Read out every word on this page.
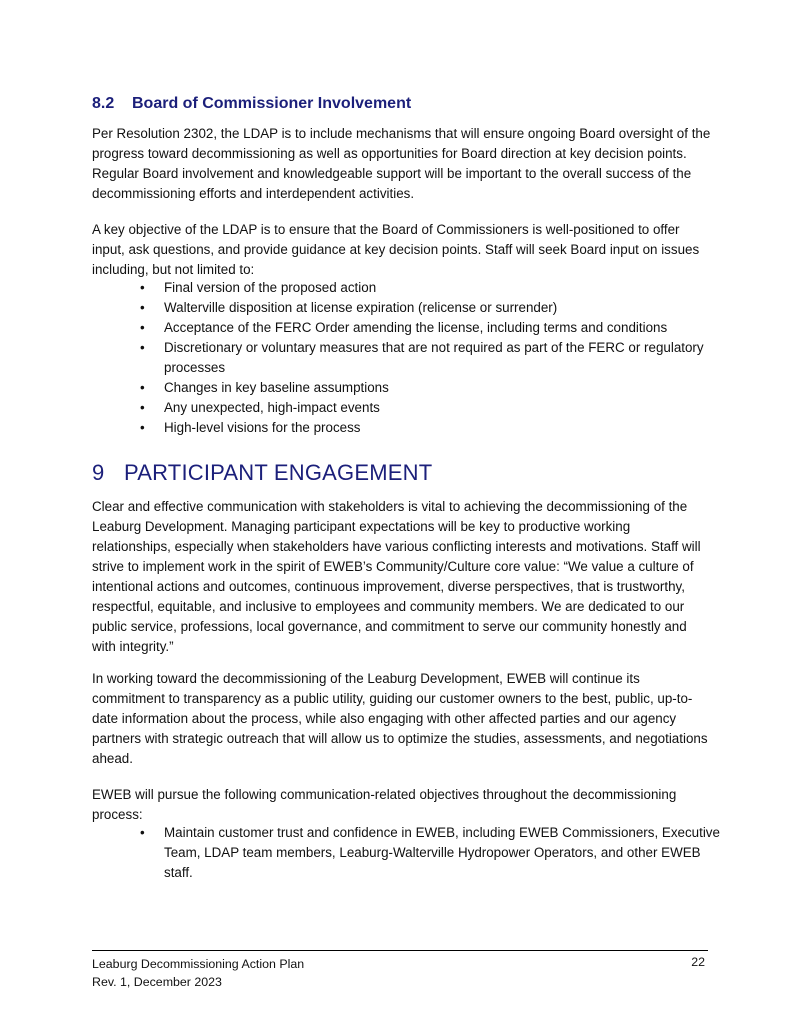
8.2 Board of Commissioner Involvement
Per Resolution 2302, the LDAP is to include mechanisms that will ensure ongoing Board oversight of the progress toward decommissioning as well as opportunities for Board direction at key decision points. Regular Board involvement and knowledgeable support will be important to the overall success of the decommissioning efforts and interdependent activities.
A key objective of the LDAP is to ensure that the Board of Commissioners is well-positioned to offer input, ask questions, and provide guidance at key decision points. Staff will seek Board input on issues including, but not limited to:
• Final version of the proposed action
• Walterville disposition at license expiration (relicense or surrender)
• Acceptance of the FERC Order amending the license, including terms and conditions
• Discretionary or voluntary measures that are not required as part of the FERC or regulatory processes
• Changes in key baseline assumptions
• Any unexpected, high-impact events
• High-level visions for the process
9 PARTICIPANT ENGAGEMENT
Clear and effective communication with stakeholders is vital to achieving the decommissioning of the Leaburg Development. Managing participant expectations will be key to productive working relationships, especially when stakeholders have various conflicting interests and motivations. Staff will strive to implement work in the spirit of EWEB’s Community/Culture core value: “We value a culture of intentional actions and outcomes, continuous improvement, diverse perspectives, that is trustworthy, respectful, equitable, and inclusive to employees and community members. We are dedicated to our public service, professions, local governance, and commitment to serve our community honestly and with integrity.”
In working toward the decommissioning of the Leaburg Development, EWEB will continue its commitment to transparency as a public utility, guiding our customer owners to the best, public, up-to-date information about the process, while also engaging with other affected parties and our agency partners with strategic outreach that will allow us to optimize the studies, assessments, and negotiations ahead.
EWEB will pursue the following communication-related objectives throughout the decommissioning process:
• Maintain customer trust and confidence in EWEB, including EWEB Commissioners, Executive Team, LDAP team members, Leaburg-Walterville Hydropower Operators, and other EWEB staff.
Leaburg Decommissioning Action Plan
Rev. 1, December 2023
22
